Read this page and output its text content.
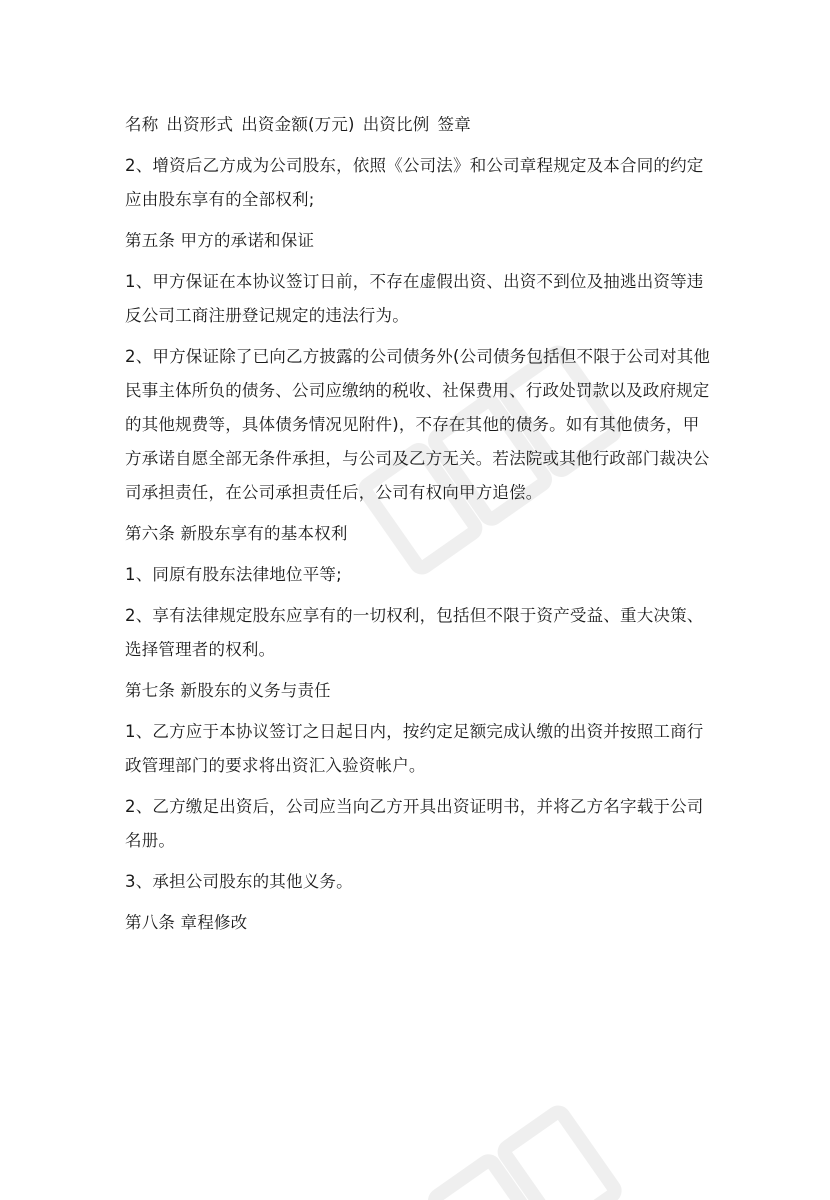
名称 出资形式 出资金额(万元) 出资比例 签章
2、增资后乙方成为公司股东，依照《公司法》和公司章程规定及本合同的约定
应由股东享有的全部权利;
第五条 甲方的承诺和保证
1、甲方保证在本协议签订日前，不存在虚假出资、出资不到位及抽逃出资等违
反公司工商注册登记规定的违法行为。
2、甲方保证除了已向乙方披露的公司债务外(公司债务包括但不限于公司对其他
民事主体所负的债务、公司应缴纳的税收、社保费用、行政处罚款以及政府规定
的其他规费等，具体债务情况见附件)，不存在其他的债务。如有其他债务，甲
方承诺自愿全部无条件承担，与公司及乙方无关。若法院或其他行政部门裁决公
司承担责任，在公司承担责任后，公司有权向甲方追偿。
第六条 新股东享有的基本权利
1、同原有股东法律地位平等;
2、享有法律规定股东应享有的一切权利，包括但不限于资产受益、重大决策、
选择管理者的权利。
第七条 新股东的义务与责任
1、乙方应于本协议签订之日起日内，按约定足额完成认缴的出资并按照工商行
政管理部门的要求将出资汇入验资帐户。
2、乙方缴足出资后，公司应当向乙方开具出资证明书，并将乙方名字载于公司
名册。
3、承担公司股东的其他义务。
第八条 章程修改
